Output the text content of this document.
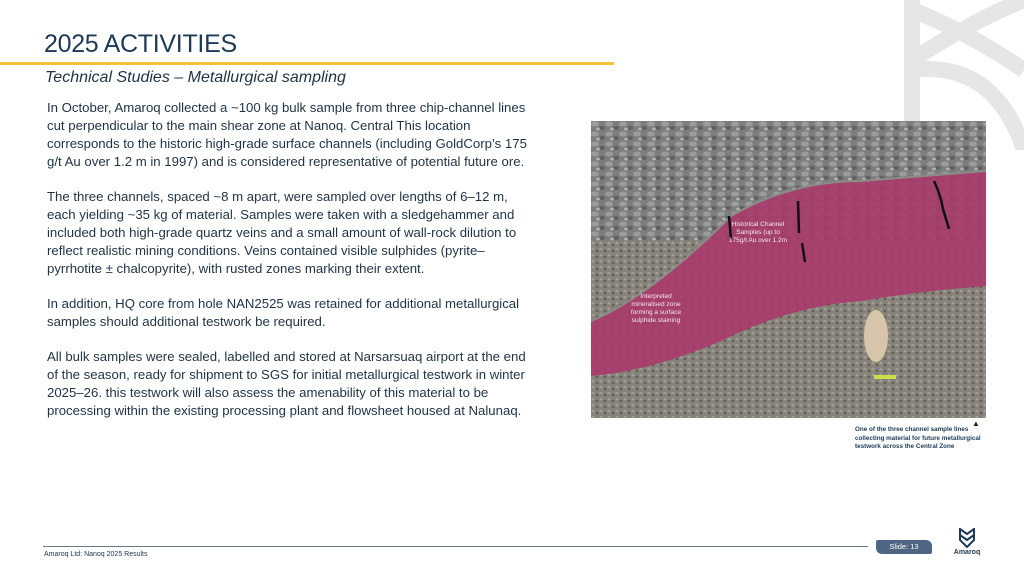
2025 ACTIVITIES
Technical Studies – Metallurgical sampling

In October, Amaroq collected a ~100 kg bulk sample from three chip-channel lines cut perpendicular to the main shear zone at Nanoq. Central This location corresponds to the historic high-grade surface channels (including GoldCorp’s 175 g/t Au over 1.2 m in 1997) and is considered representative of potential future ore.

The three channels, spaced ~8 m apart, were sampled over lengths of 6–12 m, each yielding ~35 kg of material. Samples were taken with a sledgehammer and included both high-grade quartz veins and a small amount of wall-rock dilution to reflect realistic mining conditions. Veins contained visible sulphides (pyrite–pyrrhotite ± chalcopyrite), with rusted zones marking their extent.

In addition, HQ core from hole NAN2525 was retained for additional metallurgical samples should additional testwork be required.

All bulk samples were sealed, labelled and stored at Narsarsuaq airport at the end of the season, ready for shipment to SGS for initial metallurgical testwork in winter 2025–26. this testwork will also assess the amenability of this material to be processing within the existing processing plant and flowsheet housed at Nalunaq.

Historical Channel Samples (up to 175g/t Au over 1.2m
Interpreted mineralised zone forming a surface sulphide staining
▲
One of the three channel sample lines collecting material for future metallurgical testwork across the Central Zone
Amaroq Ltd: Nanoq 2025 Results
Slide: 13
Amaroq
